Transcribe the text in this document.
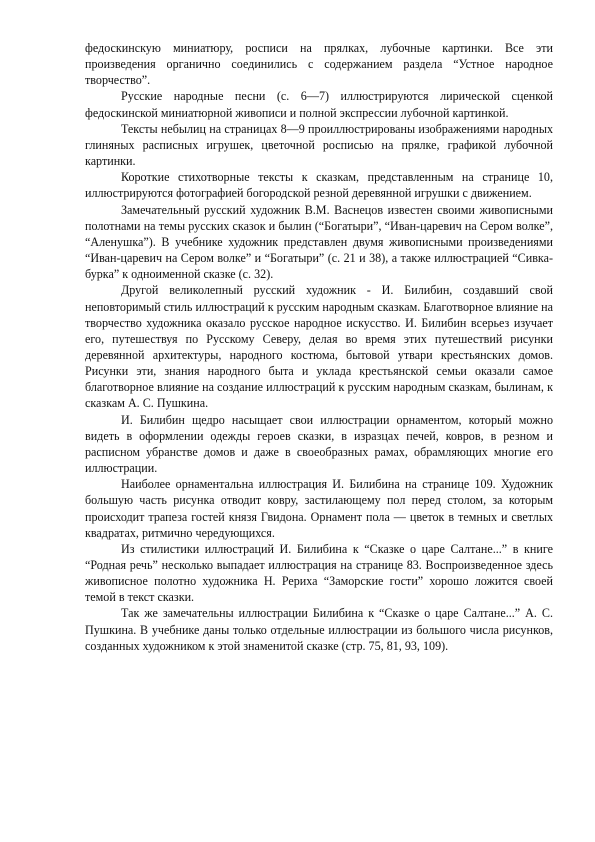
федоскинскую миниатюру, росписи на прялках, лубочные картинки. Все эти произведения органично соединились с содержанием раздела “Устное народное творчество”.

Русские народные песни (с. 6—7) иллюстрируются лирической сценкой федоскинской миниатюрной живописи и полной экспрессии лубочной картинкой.

Тексты небылиц на страницах 8—9 проиллюстрированы изображениями народных глиняных расписных игрушек, цветочной росписью на прялке, графикой лубочной картинки.

Короткие стихотворные тексты к сказкам, представленным на странице 10, иллюстрируются фотографией богородской резной деревянной игрушки с движением.

Замечательный русский художник В.М. Васнецов известен своими живописными полотнами на темы русских сказок и былин (“Богатыри”, “Иван-царевич на Сером волке”, “Аленушка”). В учебнике художник представлен двумя живописными произведениями “Иван-царевич на Сером волке” и “Богатыри” (с. 21 и 38), а также иллюстрацией “Сивка-бурка” к одноименной сказке (с. 32).

Другой великолепный русский художник - И. Билибин, создавший свой неповторимый стиль иллюстраций к русским народным сказкам. Благотворное влияние на творчество художника оказало русское народное искусство. И. Билибин всерьез изучает его, путешествуя по Русскому Северу, делая во время этих путешествий рисунки деревянной архитектуры, народного костюма, бытовой утвари крестьянских домов. Рисунки эти, знания народного быта и уклада крестьянской семьи оказали самое благотворное влияние на создание иллюстраций к русским народным сказкам, былинам, к сказкам А. С. Пушкина.

И. Билибин щедро насыщает свои иллюстрации орнаментом, который можно видеть в оформлении одежды героев сказки, в изразцах печей, ковров, в резном и расписном убранстве домов и даже в своеобразных рамах, обрамляющих многие его иллюстрации.

Наиболее орнаментальна иллюстрация И. Билибина на странице 109. Художник большую часть рисунка отводит ковру, застилающему пол перед столом, за которым происходит трапеза гостей князя Гвидона. Орнамент пола — цветок в темных и светлых квадратах, ритмично чередующихся.

Из стилистики иллюстраций И. Билибина к “Сказке о царе Салтане...” в книге “Родная речь” несколько выпадает иллюстрация на странице 83. Воспроизведенное здесь живописное полотно художника Н. Рериха “Заморские гости” хорошо ложится своей темой в текст сказки.

Так же замечательны иллюстрации Билибина к “Сказке о царе Салтане...” А. С. Пушкина. В учебнике даны только отдельные иллюстрации из большого числа рисунков, созданных художником к этой знаменитой сказке (стр. 75, 81, 93, 109).
